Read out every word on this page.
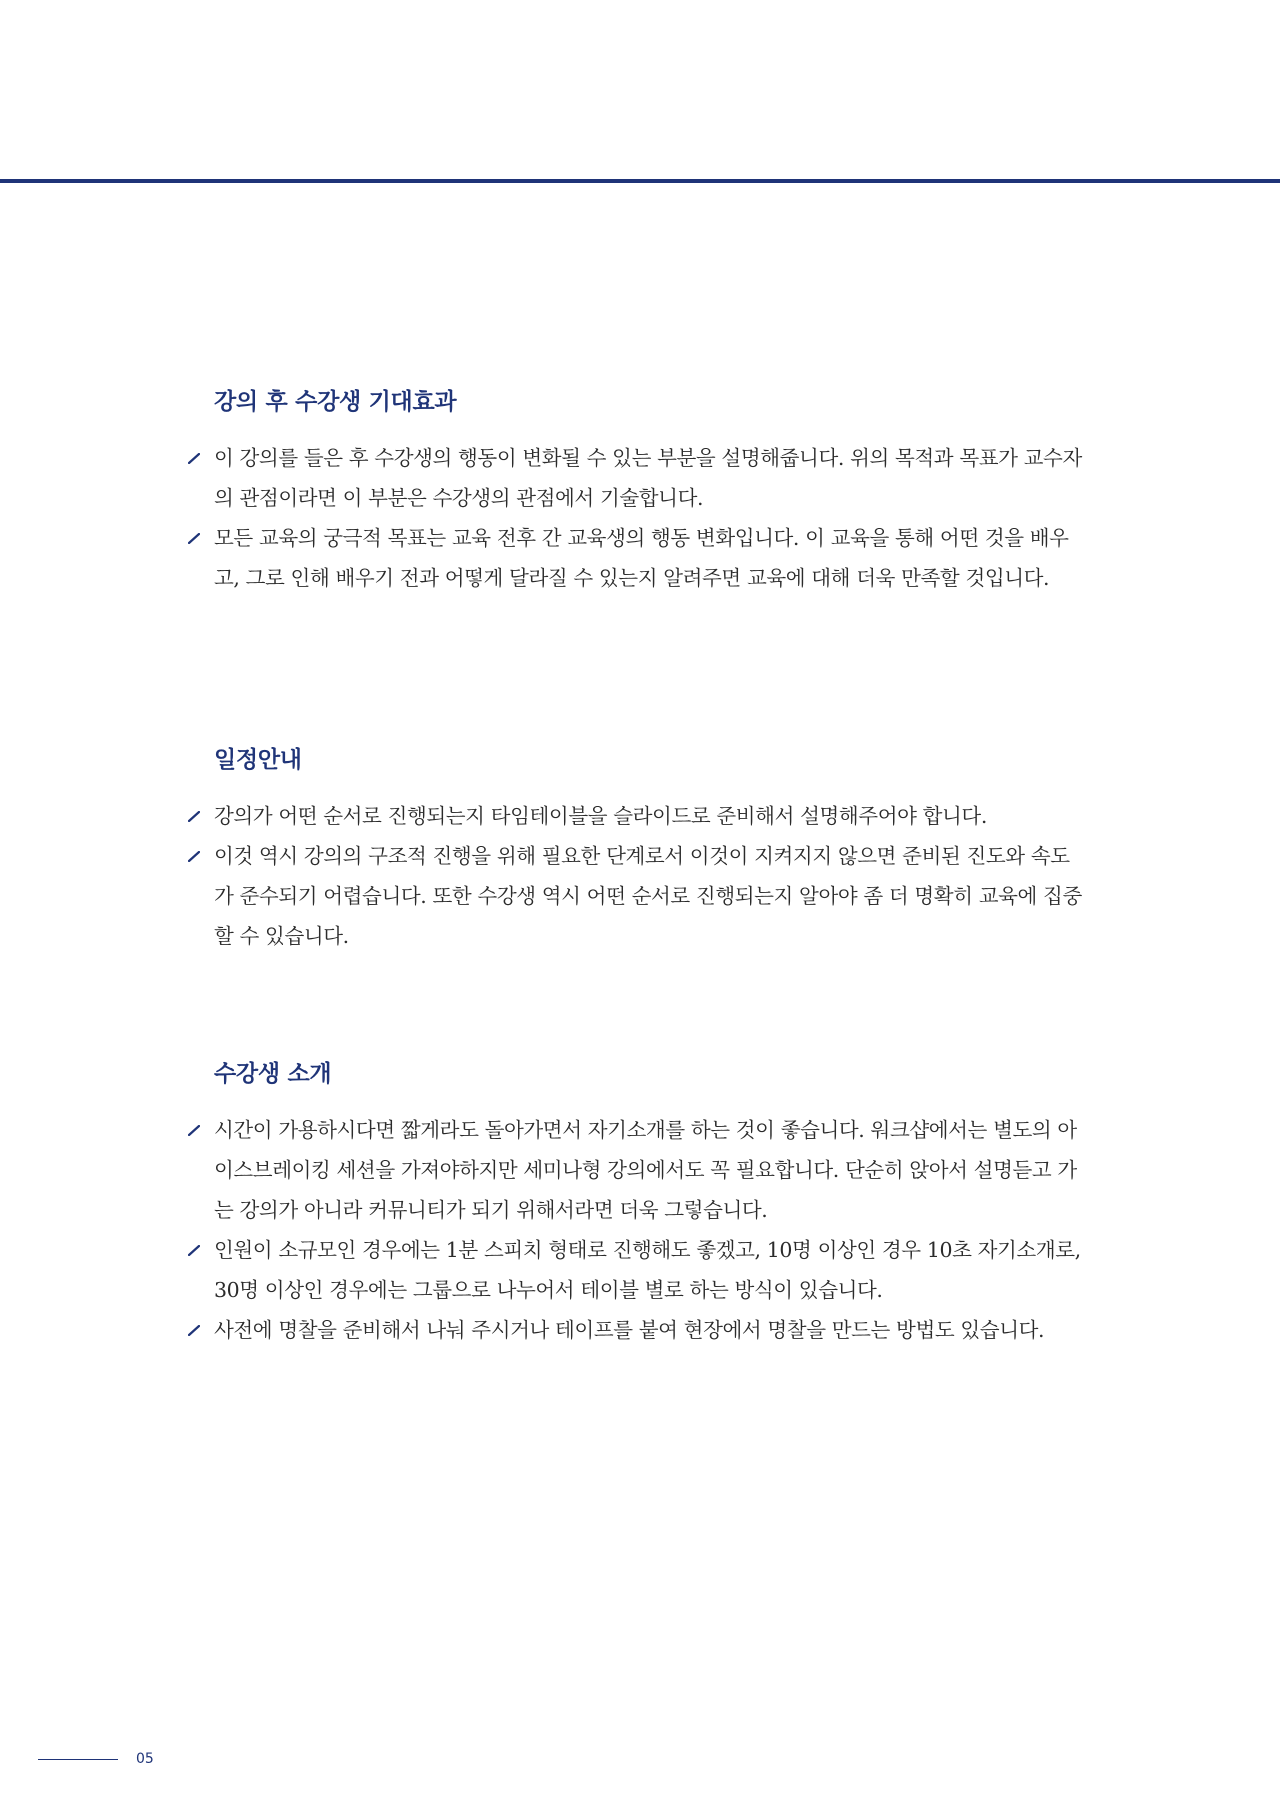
강의 후 수강생 기대효과
이 강의를 들은 후 수강생의 행동이 변화될 수 있는 부분을 설명해줍니다. 위의 목적과 목표가 교수자의 관점이라면 이 부분은 수강생의 관점에서 기술합니다.
모든 교육의 궁극적 목표는 교육 전후 간 교육생의 행동 변화입니다. 이 교육을 통해 어떤 것을 배우고, 그로 인해 배우기 전과 어떻게 달라질 수 있는지 알려주면 교육에 대해 더욱 만족할 것입니다.
일정안내
강의가 어떤 순서로 진행되는지 타임테이블을 슬라이드로 준비해서 설명해주어야 합니다.
이것 역시 강의의 구조적 진행을 위해 필요한 단계로서 이것이 지켜지지 않으면 준비된 진도와 속도가 준수되기 어렵습니다. 또한 수강생 역시 어떤 순서로 진행되는지 알아야 좀 더 명확히 교육에 집중할 수 있습니다.
수강생 소개
시간이 가용하시다면 짧게라도 돌아가면서 자기소개를 하는 것이 좋습니다. 워크샵에서는 별도의 아이스브레이킹 세션을 가져야하지만 세미나형 강의에서도 꼭 필요합니다. 단순히 앉아서 설명듣고 가는 강의가 아니라 커뮤니티가 되기 위해서라면 더욱 그렇습니다.
인원이 소규모인 경우에는 1분 스피치 형태로 진행해도 좋겠고, 10명 이상인 경우 10초 자기소개로, 30명 이상인 경우에는 그룹으로 나누어서 테이블 별로 하는 방식이 있습니다.
사전에 명찰을 준비해서 나눠 주시거나 테이프를 붙여 현장에서 명찰을 만드는 방법도 있습니다.
05
